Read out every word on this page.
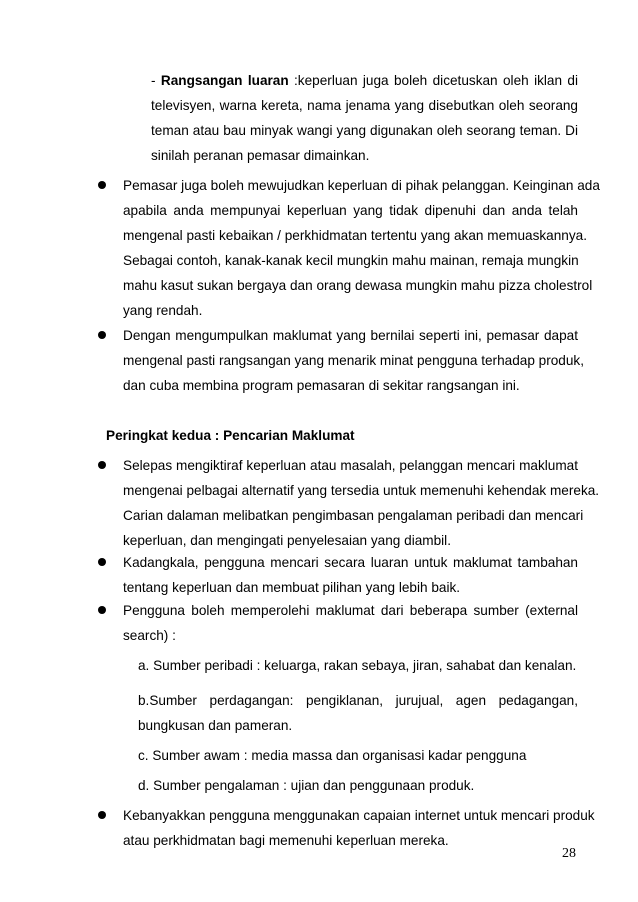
- Rangsangan luaran :keperluan juga boleh dicetuskan oleh iklan di
televisyen, warna kereta, nama jenama yang disebutkan oleh seorang
teman atau bau minyak wangi yang digunakan oleh seorang teman. Di
sinilah peranan pemasar dimainkan.
Pemasar juga boleh mewujudkan keperluan di pihak pelanggan. Keinginan ada
apabila anda mempunyai keperluan yang tidak dipenuhi dan anda telah
mengenal pasti kebaikan / perkhidmatan tertentu yang akan memuaskannya.
Sebagai contoh, kanak-kanak kecil mungkin mahu mainan, remaja mungkin
mahu kasut sukan bergaya dan orang dewasa mungkin mahu pizza cholestrol
yang rendah.
Dengan mengumpulkan maklumat yang bernilai seperti ini, pemasar dapat
mengenal pasti rangsangan yang menarik minat pengguna terhadap produk,
dan cuba membina program pemasaran di sekitar rangsangan ini.
Peringkat kedua : Pencarian Maklumat
Selepas mengiktiraf keperluan atau masalah, pelanggan mencari maklumat
mengenai pelbagai alternatif yang tersedia untuk memenuhi kehendak mereka.
Carian dalaman melibatkan pengimbasan pengalaman peribadi dan mencari
keperluan, dan mengingati penyelesaian yang diambil.
Kadangkala, pengguna mencari secara luaran untuk maklumat tambahan
tentang keperluan dan membuat pilihan yang lebih baik.
Pengguna boleh memperolehi maklumat dari beberapa sumber (external
search) :
a. Sumber peribadi : keluarga, rakan sebaya, jiran, sahabat dan kenalan.
b.Sumber perdagangan: pengiklanan, jurujual, agen pedagangan,
bungkusan dan pameran.
c. Sumber awam : media massa dan organisasi kadar pengguna
d. Sumber pengalaman : ujian dan penggunaan produk.
Kebanyakkan pengguna menggunakan capaian internet untuk mencari produk
atau perkhidmatan bagi memenuhi keperluan mereka.
28
